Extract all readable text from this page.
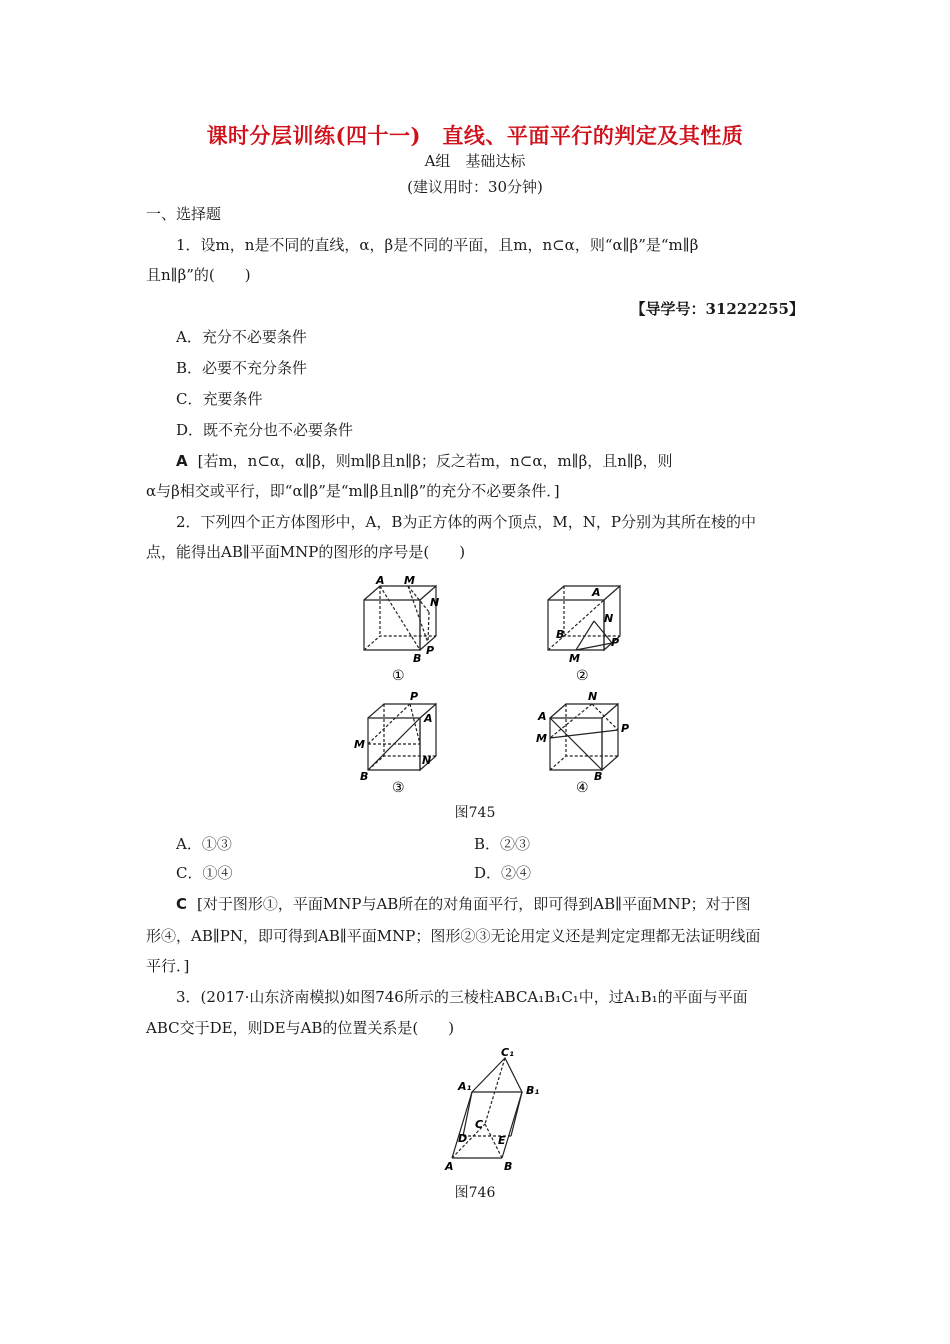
课时分层训练(四十一)　直线、平面平行的判定及其性质
A组　基础达标
(建议用时：30分钟)
一、选择题
1．设m，n是不同的直线，α，β是不同的平面，且m，n⊂α，则“α∥β”是“m∥β
且n∥β”的(　　)
【导学号：31222255】
A．充分不必要条件
B．必要不充分条件
C．充要条件
D．既不充分也不必要条件
A [若m，n⊂α，α∥β，则m∥β且n∥β；反之若m，n⊂α，m∥β，且n∥β，则
α与β相交或平行，即“α∥β”是“m∥β且n∥β”的充分不必要条件．]
2．下列四个正方体图形中，A，B为正方体的两个顶点，M，N，P分别为其所在棱的中
点，能得出AB∥平面MNP的图形的序号是(　　)
A M
N
P
B
①
A
N
B
P
M
②
P
A
M
N
B
③
N
A
P
M
B
④
图745
A．①③	B．②③
C．①④	D．②④
C [对于图形①，平面MNP与AB所在的对角面平行，即可得到AB∥平面MNP；对于图
形④，AB∥PN，即可得到AB∥平面MNP；图形②③无论用定义还是判定定理都无法证明线面
平行．]
3．(2017·山东济南模拟)如图746所示的三棱柱ABCA₁B₁C₁中，过A₁B₁的平面与平面
ABC交于DE，则DE与AB的位置关系是(　　)
C₁
A₁	B₁
C
D	E
A	B
图746
